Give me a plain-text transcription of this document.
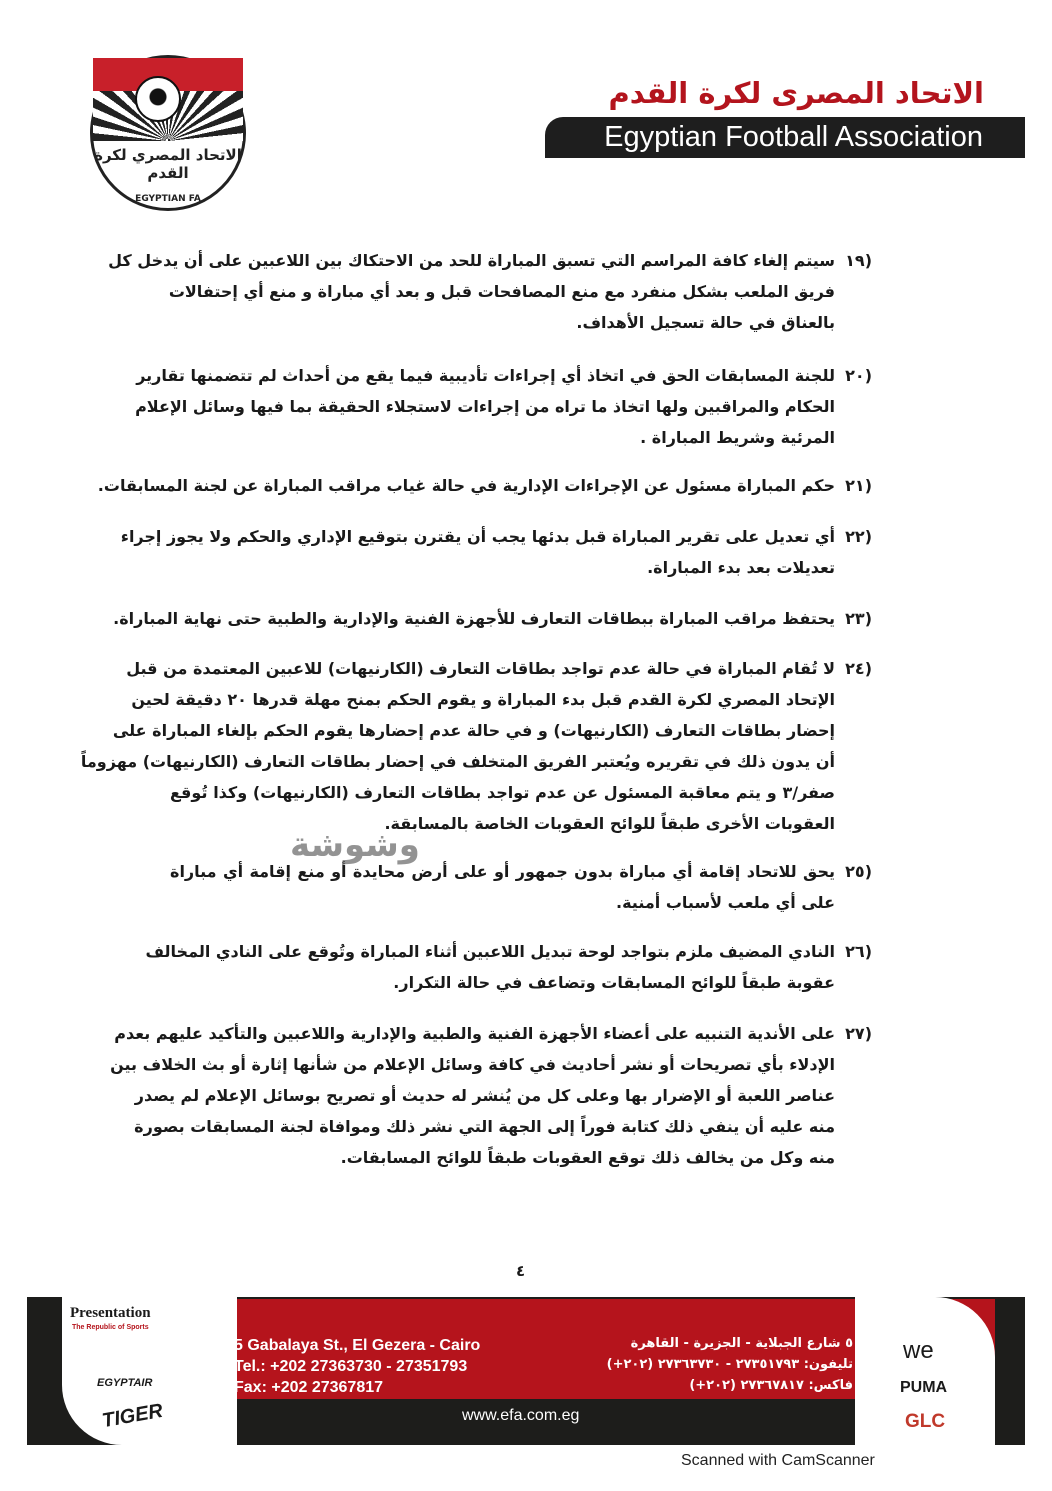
الاتحاد المصري لكرة القدم
EGYPTIAN FA
الاتحاد المصرى لكرة القدم
Egyptian Football Association
١٩)
سيتم إلغاء كافة المراسم التي تسبق المباراة للحد من الاحتكاك بين اللاعبين على أن يدخل كل
فريق الملعب بشكل منفرد مع منع المصافحات قبل و بعد أي مباراة و منع أي إحتفالات
بالعناق في حالة تسجيل الأهداف.
٢٠)
للجنة المسابقات الحق في اتخاذ أي إجراءات تأديبية فيما يقع من أحداث لم تتضمنها تقارير
الحكام والمراقبين ولها اتخاذ ما تراه من إجراءات لاستجلاء الحقيقة بما فيها وسائل الإعلام
المرئية وشريط المباراة .
٢١)
حكم المباراة مسئول عن الإجراءات الإدارية في حالة غياب مراقب المباراة عن لجنة المسابقات.
٢٢)
أي تعديل على تقرير المباراة قبل بدئها يجب أن يقترن بتوقيع الإداري والحكم ولا يجوز إجراء
تعديلات بعد بدء المباراة.
٢٣)
يحتفظ مراقب المباراة ببطاقات التعارف للأجهزة الفنية والإدارية والطبية حتى نهاية المباراة.
٢٤)
لا تُقام المباراة في حالة عدم تواجد بطاقات التعارف (الكارنيهات) للاعبين المعتمدة من قبل
الإتحاد المصري لكرة القدم قبل بدء المباراة و يقوم الحكم بمنح مهلة قدرها ٢٠ دقيقة لحين
إحضار بطاقات التعارف (الكارنيهات) و في حالة عدم إحضارها يقوم الحكم بإلغاء المباراة على
أن يدون ذلك في تقريره ويُعتبر الفريق المتخلف في إحضار بطاقات التعارف (الكارنيهات) مهزوماً
صفر/٣ و يتم معاقبة المسئول عن عدم تواجد بطاقات التعارف (الكارنيهات) وكذا تُوقع
العقوبات الأخرى طبقاً للوائح العقوبات الخاصة بالمسابقة.
٢٥)
يحق للاتحاد إقامة أي مباراة بدون جمهور أو على أرض محايدة أو منع إقامة أي مباراة
على أي ملعب لأسباب أمنية.
٢٦)
النادي المضيف ملزم بتواجد لوحة تبديل اللاعبين أثناء المباراة وتُوقع على النادي المخالف
عقوبة طبقاً للوائح المسابقات وتضاعف في حالة التكرار.
٢٧)
على الأندية التنبيه على أعضاء الأجهزة الفنية والطبية والإدارية واللاعبين والتأكيد عليهم بعدم
الإدلاء بأي تصريحات أو نشر أحاديث في كافة وسائل الإعلام من شأنها إثارة أو بث الخلاف بين
عناصر اللعبة أو الإضرار بها وعلى كل من يُنشر له حديث أو تصريح بوسائل الإعلام لم يصدر
منه عليه أن ينفي ذلك كتابة فوراً إلى الجهة التي نشر ذلك وموافاة لجنة المسابقات بصورة
منه وكل من يخالف ذلك توقع العقوبات طبقاً للوائح المسابقات.
وشوشة
٤
Presentation
The Republic of Sports
EGYPTAIR
TIGER
5 Gabalaya St., El Gezera - Cairo
Tel.: +202 27363730 - 27351793
Fax: +202 27367817
٥ شارع الجبلاية - الجزيرة - القاهرة
تليفون: ٢٧٣٥١٧٩٣ - ٢٧٣٦٣٧٣٠ (٢٠٢+)
فاكس: ٢٧٣٦٧٨١٧ (٢٠٢+)
www.efa.com.eg
we
PUMA
GLC
Scanned with CamScanner
